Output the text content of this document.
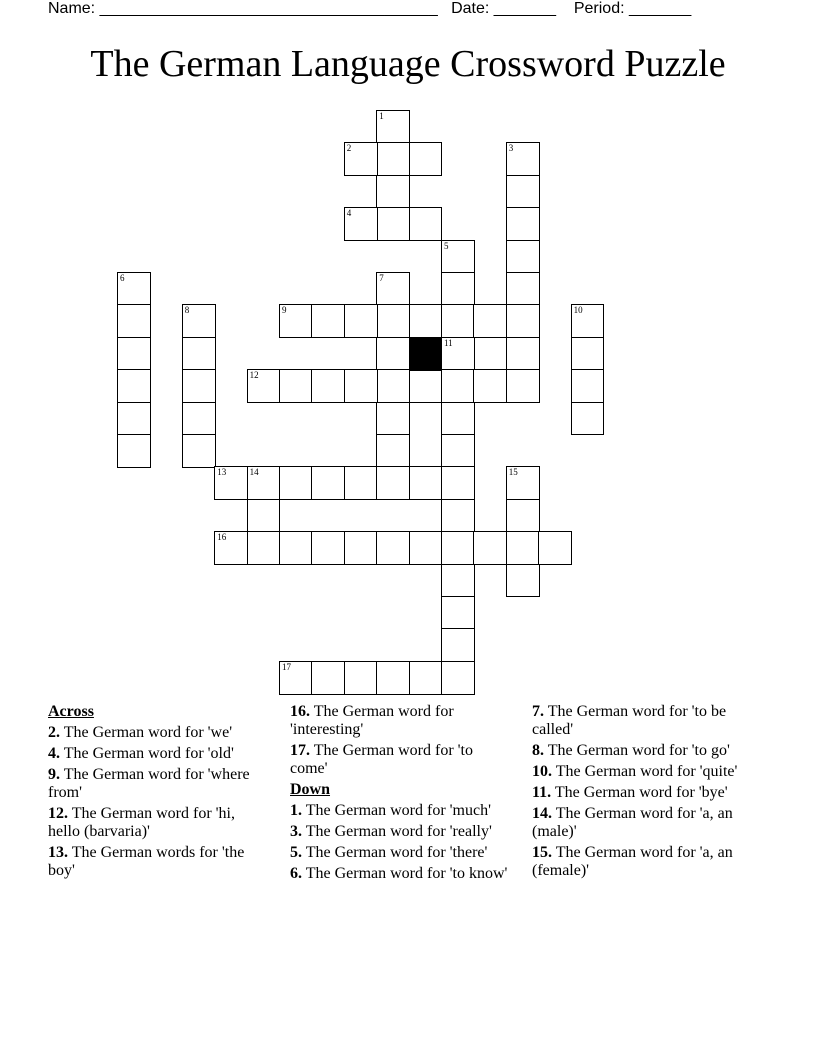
Name: ______________________________________ Date: _______ Period: _______
The German Language Crossword Puzzle
1
2	3
4
5
6	7
8	9	10
11
12
13	14	15
16
17
Across
2. The German word for 'we'
4. The German word for 'old'
9. The German word for 'where from'
12. The German word for 'hi, hello (barvaria)'
13. The German words for 'the boy'
16. The German word for 'interesting'
17. The German word for 'to come'
Down
1. The German word for 'much'
3. The German word for 'really'
5. The German word for 'there'
6. The German word for 'to know'
7. The German word for 'to be called'
8. The German word for 'to go'
10. The German word for 'quite'
11. The German word for 'bye'
14. The German word for 'a, an (male)'
15. The German word for 'a, an (female)'
